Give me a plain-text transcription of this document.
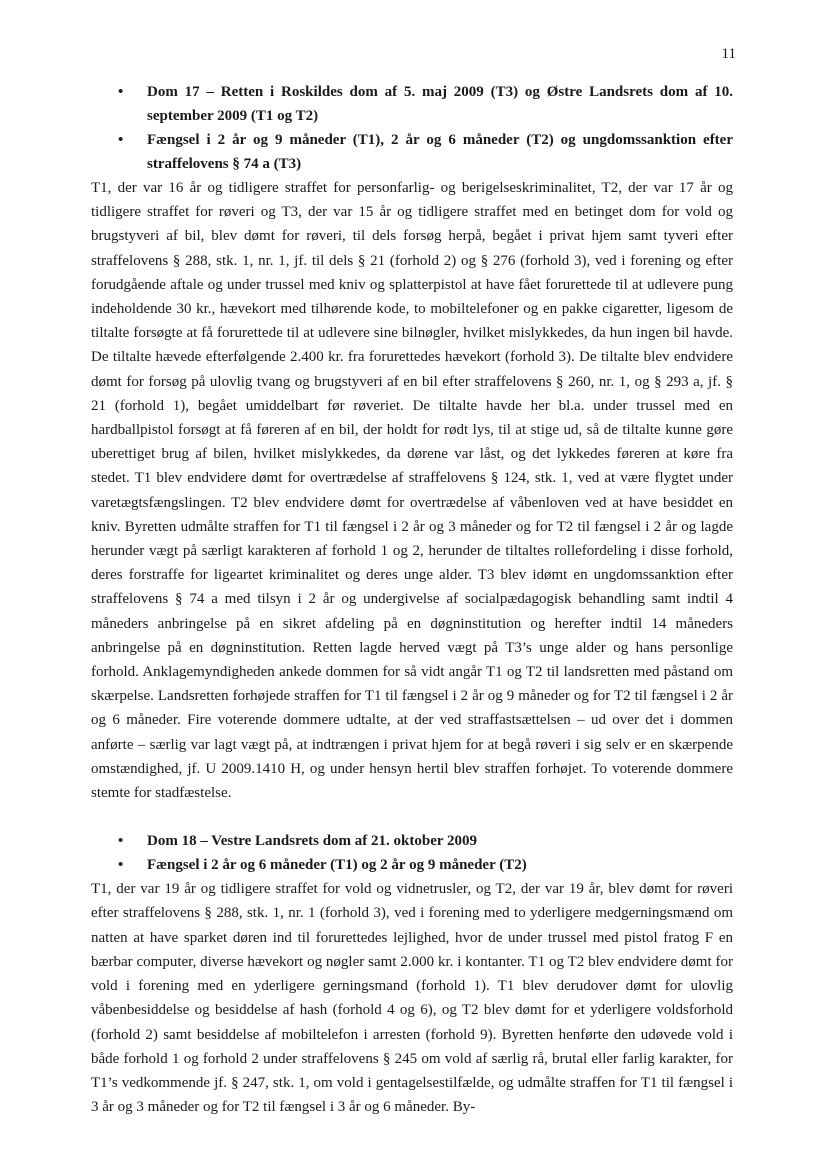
11
• Dom 17 – Retten i Roskildes dom af 5. maj 2009 (T3) og Østre Landsrets dom af 10. september 2009 (T1 og T2)
• Fængsel i 2 år og 9 måneder (T1), 2 år og 6 måneder (T2) og ungdomssanktion efter straffelovens § 74 a (T3)

T1, der var 16 år og tidligere straffet for personfarlig- og berigelseskriminalitet, T2, der var 17 år og tidligere straffet for røveri og T3, der var 15 år og tidligere straffet med en betinget dom for vold og brugstyveri af bil, blev dømt for røveri, til dels forsøg herpå, begået i privat hjem samt tyveri efter straffelovens § 288, stk. 1, nr. 1, jf. til dels § 21 (forhold 2) og § 276 (forhold 3), ved i forening og efter forudgående aftale og under trussel med kniv og splatterpistol at have fået forurettede til at udlevere pung indeholdende 30 kr., hævekort med tilhørende kode, to mobiltelefoner og en pakke cigaretter, ligesom de tiltalte forsøgte at få forurettede til at udlevere sine bilnøgler, hvilket mislykkedes, da hun ingen bil havde. De tiltalte hævede efterfølgende 2.400 kr. fra forurettedes hævekort (forhold 3). De tiltalte blev endvidere dømt for forsøg på ulovlig tvang og brugstyveri af en bil efter straffelovens § 260, nr. 1, og § 293 a, jf. § 21 (forhold 1), begået umiddelbart før røveriet. De tiltalte havde her bl.a. under trussel med en hardballpistol forsøgt at få føreren af en bil, der holdt for rødt lys, til at stige ud, så de tiltalte kunne gøre uberettiget brug af bilen, hvilket mislykkedes, da dørene var låst, og det lykkedes føreren at køre fra stedet. T1 blev endvidere dømt for overtrædelse af straffelovens § 124, stk. 1, ved at være flygtet under varetægtsfængslingen. T2 blev endvidere dømt for overtrædelse af våbenloven ved at have besiddet en kniv. Byretten udmålte straffen for T1 til fængsel i 2 år og 3 måneder og for T2 til fængsel i 2 år og lagde herunder vægt på særligt karakteren af forhold 1 og 2, herunder de tiltaltes rollefordeling i disse forhold, deres forstraffe for ligeartet kriminalitet og deres unge alder. T3 blev idømt en ungdomssanktion efter straffelovens § 74 a med tilsyn i 2 år og undergivelse af socialpædagogisk behandling samt indtil 4 måneders anbringelse på en sikret afdeling på en døgninstitution og herefter indtil 14 måneders anbringelse på en døgninstitution. Retten lagde herved vægt på T3’s unge alder og hans personlige forhold. Anklagemyndigheden ankede dommen for så vidt angår T1 og T2 til landsretten med påstand om skærpelse. Landsretten forhøjede straffen for T1 til fængsel i 2 år og 9 måneder og for T2 til fængsel i 2 år og 6 måneder. Fire voterende dommere udtalte, at der ved straffastsættelsen – ud over det i dommen anførte – særlig var lagt vægt på, at indtrængen i privat hjem for at begå røveri i sig selv er en skærpende omstændighed, jf. U 2009.1410 H, og under hensyn hertil blev straffen forhøjet. To voterende dommere stemte for stadfæstelse.

• Dom 18 – Vestre Landsrets dom af 21. oktober 2009
• Fængsel i 2 år og 6 måneder (T1) og 2 år og 9 måneder (T2)

T1, der var 19 år og tidligere straffet for vold og vidnetrusler, og T2, der var 19 år, blev dømt for røveri efter straffelovens § 288, stk. 1, nr. 1 (forhold 3), ved i forening med to yderligere medgerningsmænd om natten at have sparket døren ind til forurettedes lejlighed, hvor de under trussel med pistol fratog F en bærbar computer, diverse hævekort og nøgler samt 2.000 kr. i kontanter. T1 og T2 blev endvidere dømt for vold i forening med en yderligere gerningsmand (forhold 1). T1 blev derudover dømt for ulovlig våbenbesiddelse og besiddelse af hash (forhold 4 og 6), og T2 blev dømt for et yderligere voldsforhold (forhold 2) samt besiddelse af mobiltelefon i arresten (forhold 9). Byretten henførte den udøvede vold i både forhold 1 og forhold 2 under straffelovens § 245 om vold af særlig rå, brutal eller farlig karakter, for T1’s vedkommende jf. § 247, stk. 1, om vold i gentagelsestilfælde, og udmålte straffen for T1 til fængsel i 3 år og 3 måneder og for T2 til fængsel i 3 år og 6 måneder. By-
